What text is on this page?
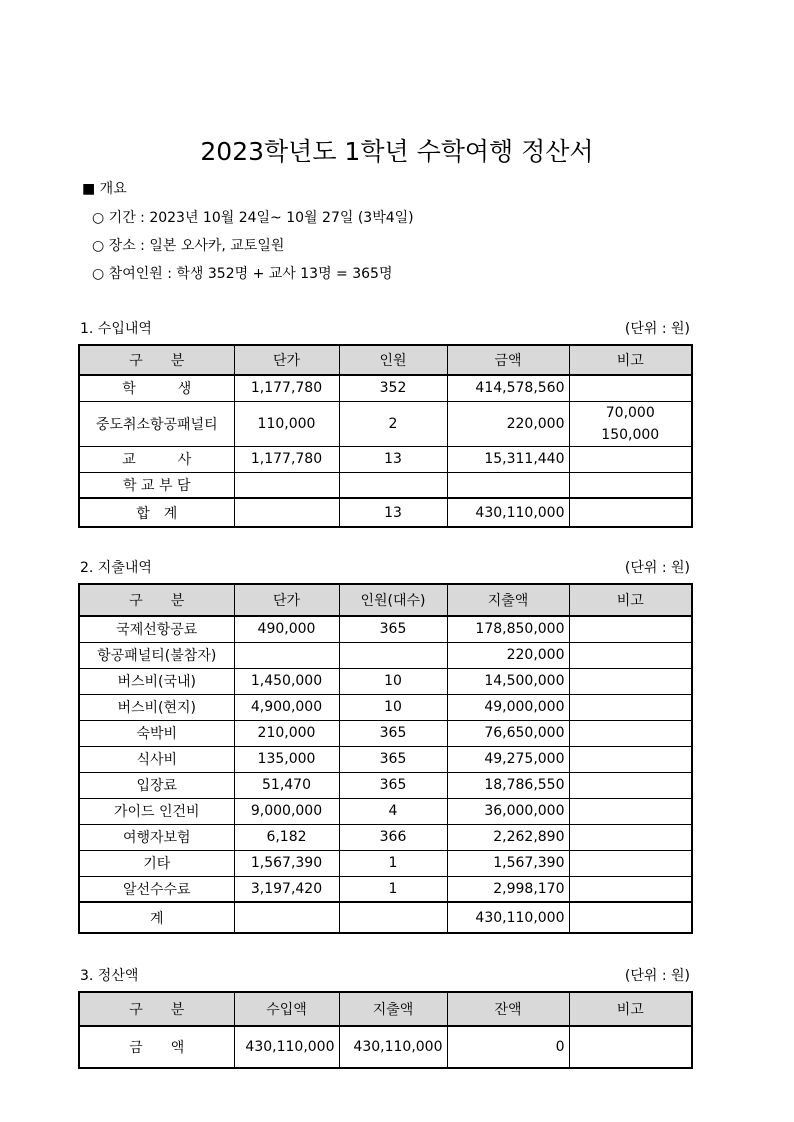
2023학년도 1학년 수학여행 정산서
■ 개요
○ 기간 : 2023년 10월 24일~ 10월 27일 (3박4일)
○ 장소 : 일본 오사카, 교토일원
○ 참여인원 : 학생 352명 + 교사 13명 = 365명
1. 수입내역	(단위 : 원)
구　　분	단가	인원	금액	비고
학　　　생	1,177,780	352	414,578,560	
중도취소항공패널티	110,000	2	220,000	70,000
150,000

교　　　사	1,177,780	13	15,311,440	
학 교 부 담				
합　계		13	430,110,000	
2. 지출내역	(단위 : 원)
구　　분	단가	인원(대수)	지출액	비고
국제선항공료	490,000	365	178,850,000	
항공패널티(불참자)			220,000	
버스비(국내)	1,450,000	10	14,500,000	
버스비(현지)	4,900,000	10	49,000,000	
숙박비	210,000	365	76,650,000	
식사비	135,000	365	49,275,000	
입장료	51,470	365	18,786,550	
가이드 인건비	9,000,000	4	36,000,000	
여행자보험	6,182	366	2,262,890	
기타	1,567,390	1	1,567,390	
알선수수료	3,197,420	1	2,998,170	
계			430,110,000	
3. 정산액	(단위 : 원)
구　　분	수입액	지출액	잔액	비고
금　　액	430,110,000	430,110,000	0	
